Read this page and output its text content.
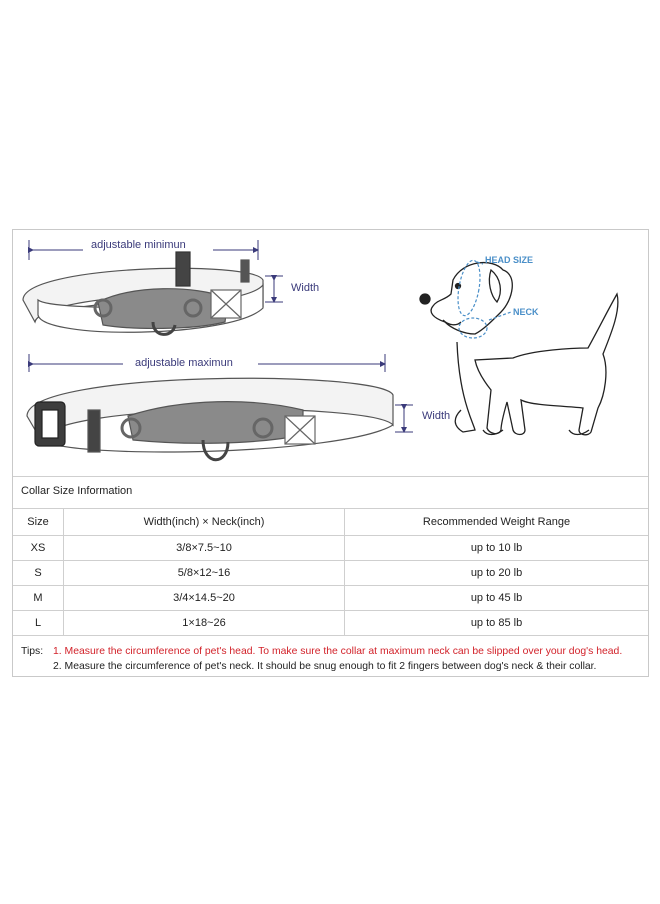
adjustable minimun
Width
adjustable maximun
Width
HEAD SIZE
NECK
Collar Size Information
Size	Width(inch) × Neck(inch)	Recommended Weight Range
XS	3/8×7.5~10	up to 10 lb
S	5/8×12~16	up to 20 lb
M	3/4×14.5~20	up to 45 lb
L	1×18~26	up to 85 lb
Tips: 1. Measure the circumference of pet's head. To make sure the collar at maximum neck can be slipped over your dog's head.
2. Measure the circumference of pet's neck. It should be snug enough to fit 2 fingers between dog's neck & their collar.
